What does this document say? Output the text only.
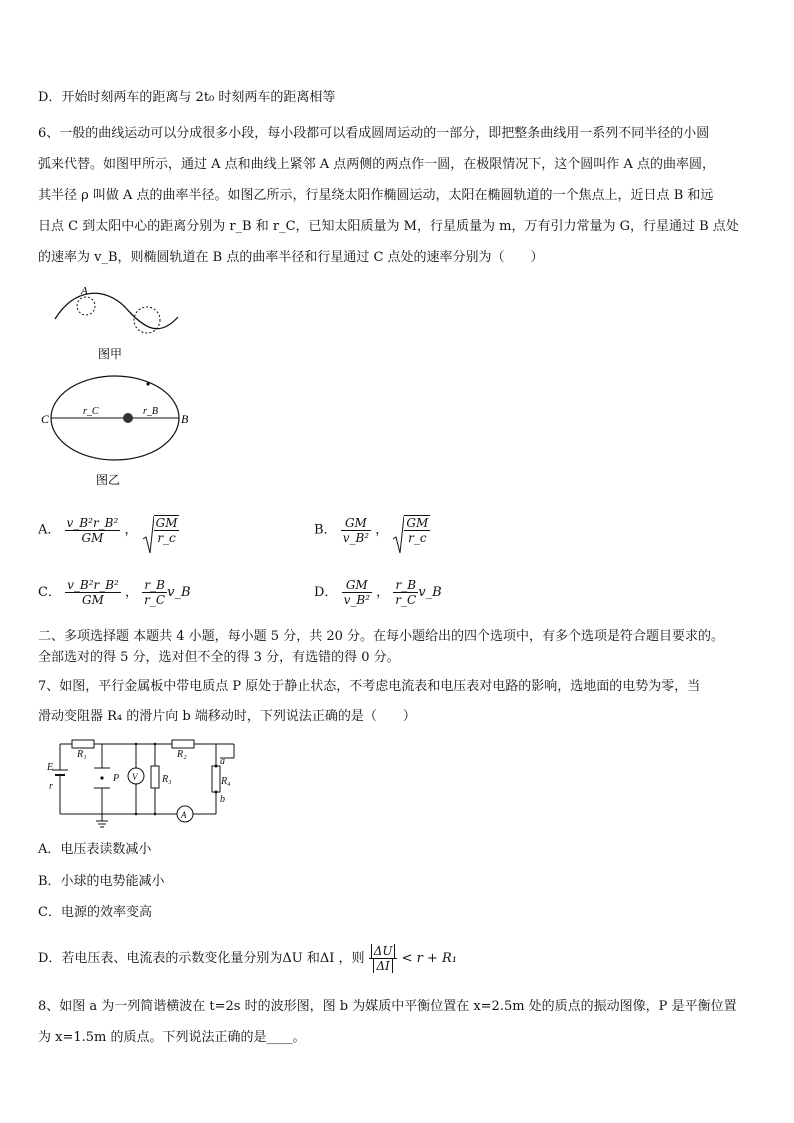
D．开始时刻两车的距离与 2t₀ 时刻两车的距离相等
6、一般的曲线运动可以分成很多小段，每小段都可以看成圆周运动的一部分，即把整条曲线用一系列不同半径的小圆
弧来代替。如图甲所示，通过 A 点和曲线上紧邻 A 点两侧的两点作一圆，在极限情况下，这个圆叫作 A 点的曲率圆，
其半径 ρ 叫做 A 点的曲率半径。如图乙所示，行星绕太阳作椭圆运动，太阳在椭圆轨道的一个焦点上，近日点 B 和远
日点 C 到太阳中心的距离分别为 r_B 和 r_C，已知太阳质量为 M，行星质量为 m，万有引力常量为 G，行星通过 B 点处
的速率为 v_B，则椭圆轨道在 B 点的曲率半径和行星通过 C 点处的速率分别为（　　）
A
图甲
C	B
r_C	r_B
图乙
A． $\frac{\text{v\_B²r\_B²}}{GM}$ ， $\frac{GM}{r\_c}$	B． $\frac{GM}{\text{v\_B²}}$ ， $\frac{GM}{r\_c}$
C． $\frac{\text{v\_B²r\_B²}}{GM}$ ， $\frac{r\_B}{r\_C}$ v_B	D． $\frac{GM}{\text{v\_B²}}$ ， $\frac{r\_B}{r\_C}$ v_B
二、多项选择题 本题共 4 小题，每小题 5 分，共 20 分。在每小题给出的四个选项中，有多个选项是符合题目要求的。
全部选对的得 5 分，选对但不全的得 3 分，有选错的得 0 分。
7、如图，平行金属板中带电质点 P 原处于静止状态，不考虑电流表和电压表对电路的影响，选地面的电势为零，当
滑动变阻器 R₄ 的滑片向 b 端移动时，下列说法正确的是（　　）
R₁	R₂
R₃	R₄
E
r
P V
A
a
b
A．电压表读数减小
B．小球的电势能减小
C．电源的效率变高
D．若电压表、电流表的示数变化量分别为ΔU 和ΔI ，则 $\frac{\Delta U}{\Delta I} < r + R_1$
8、如图 a 为一列简谐横波在 t=2s 时的波形图，图 b 为媒质中平衡位置在 x=2.5m 处的质点的振动图像，P 是平衡位置
为 x=1.5m 的质点。下列说法正确的是____。
